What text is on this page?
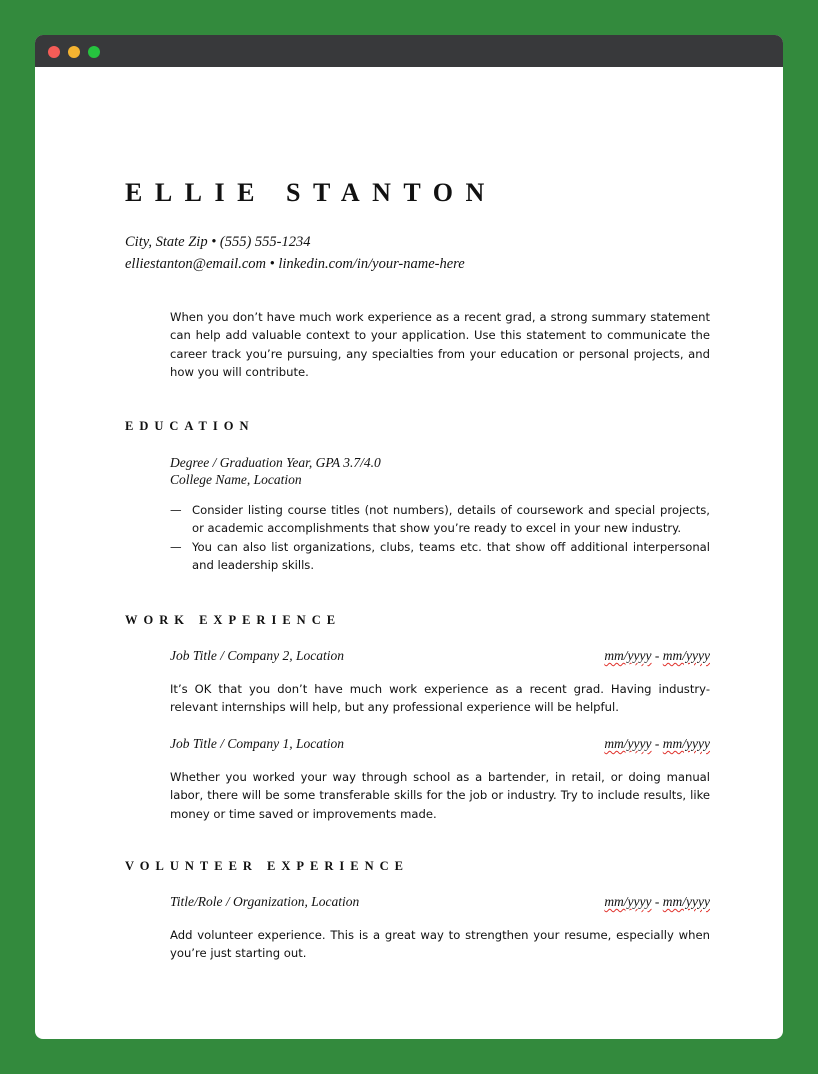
ELLIE STANTON
City, State Zip • (555) 555-1234
elliestanton@email.com • linkedin.com/in/your-name-here

When you don’t have much work experience as a recent grad, a strong summary statement can help add valuable context to your application. Use this statement to communicate the career track you’re pursuing, any specialties from your education or personal projects, and how you will contribute.

EDUCATION
Degree / Graduation Year, GPA 3.7/4.0
College Name, Location
— Consider listing course titles (not numbers), details of coursework and special projects, or academic accomplishments that show you’re ready to excel in your new industry.
— You can also list organizations, clubs, teams etc. that show off additional interpersonal and leadership skills.
WORK EXPERIENCE
Job Title / Company 2, Location	mm/yyyy - mm/yyyy

It’s OK that you don’t have much work experience as a recent grad. Having industry-relevant internships will help, but any professional experience will be helpful.

Job Title / Company 1, Location	mm/yyyy - mm/yyyy

Whether you worked your way through school as a bartender, in retail, or doing manual labor, there will be some transferable skills for the job or industry. Try to include results, like money or time saved or improvements made.

VOLUNTEER EXPERIENCE
Title/Role / Organization, Location	mm/yyyy - mm/yyyy

Add volunteer experience. This is a great way to strengthen your resume, especially when you’re just starting out.
